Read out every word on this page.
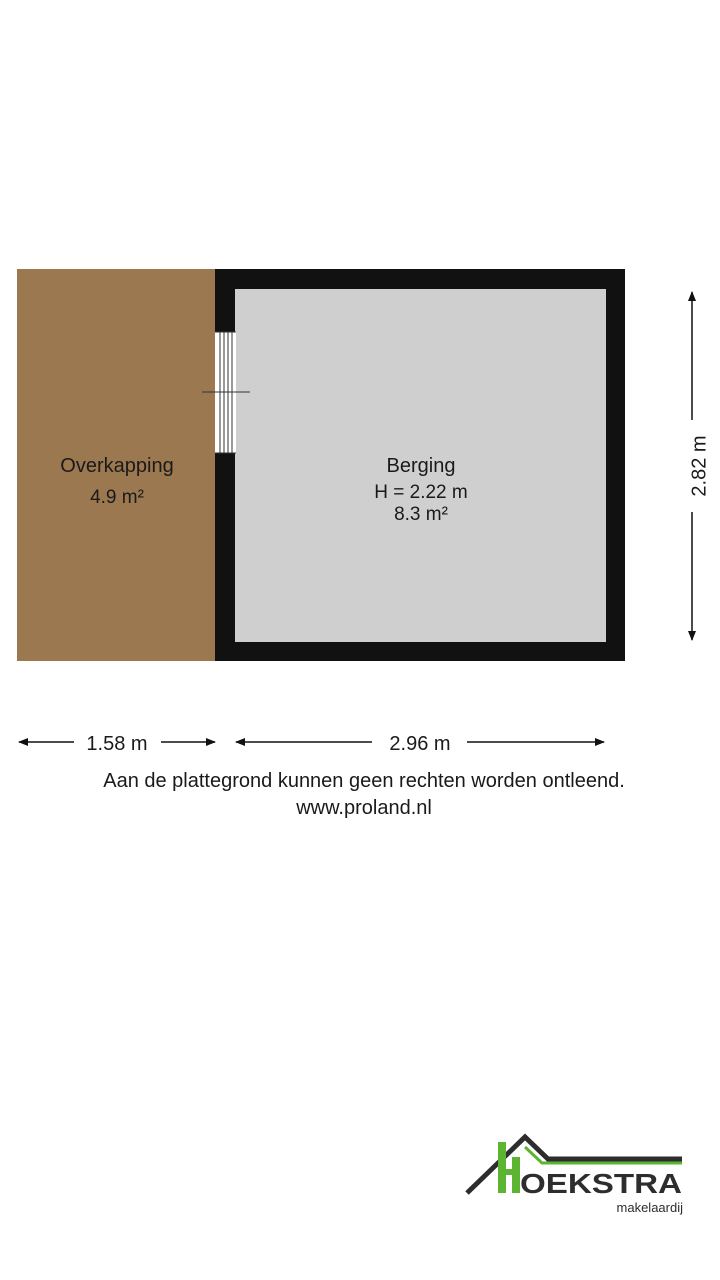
Overkapping
4.9 m²
Berging
H = 2.22 m
8.3 m²
2.82 m
1.58 m	2.96 m
Aan de plattegrond kunnen geen rechten worden ontleend.
www.proland.nl
OEKSTRA
makelaardij
